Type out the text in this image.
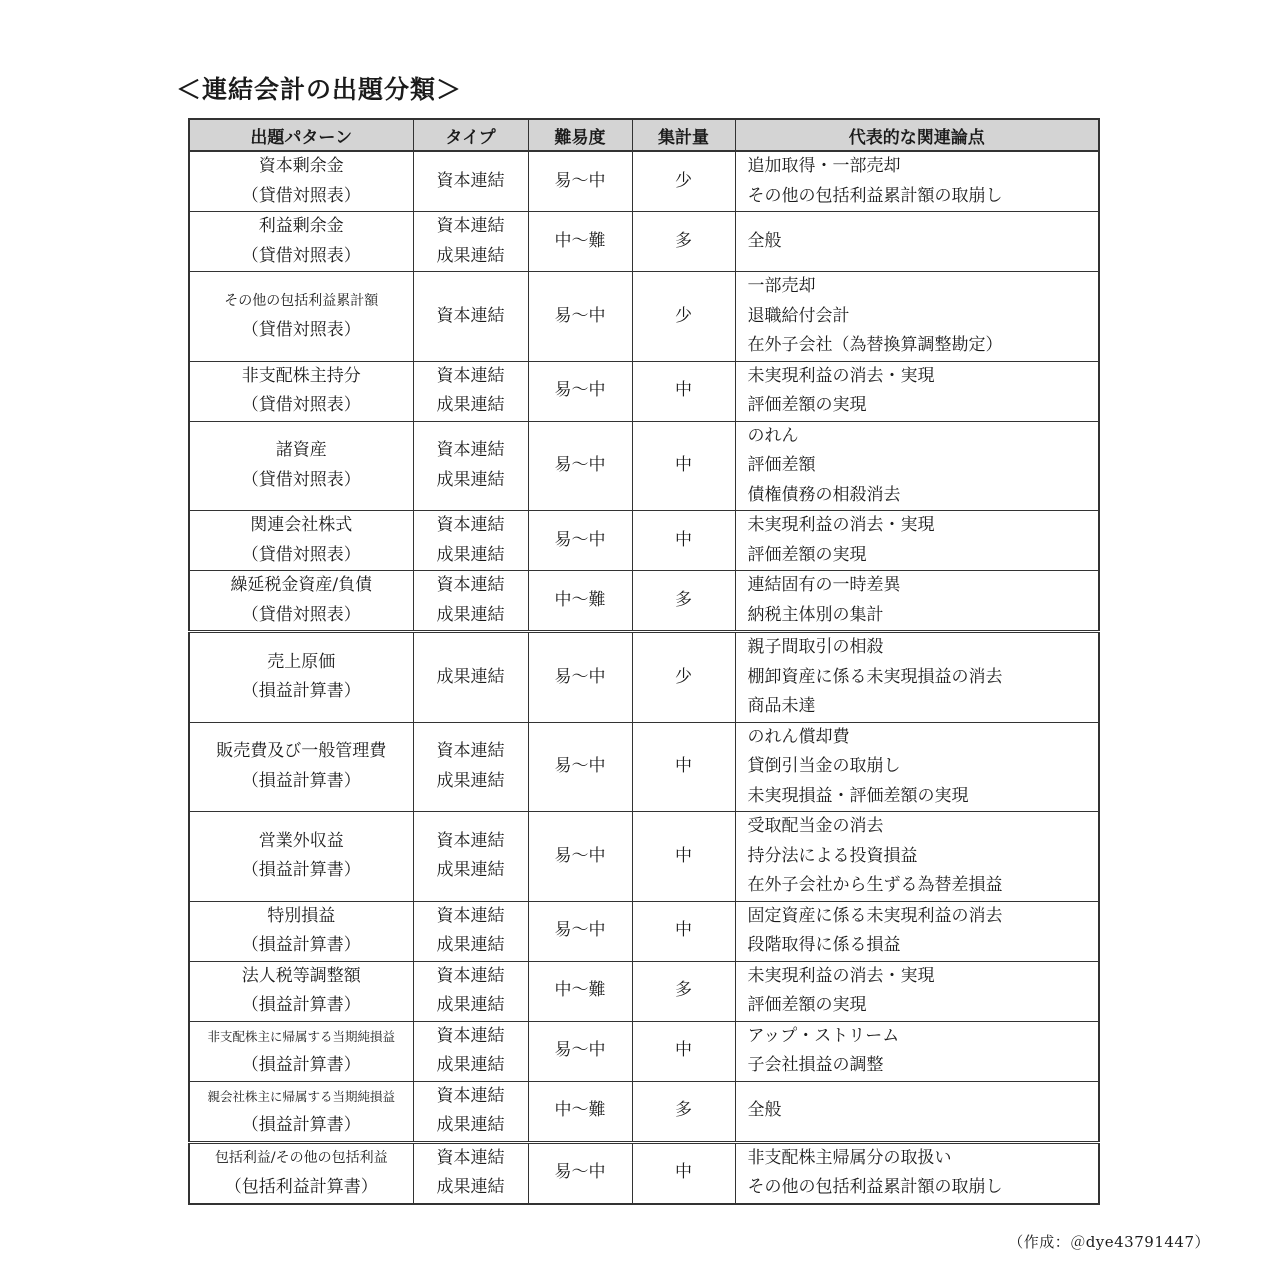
＜連結会計の出題分類＞
出題パターン	タイプ	難易度	集計量	代表的な関連論点

資本剰余金
（貸借対照表）	資本連結	易～中	少	追加取得・一部売却
その他の包括利益累計額の取崩し

利益剰余金
（貸借対照表）	資本連結
成果連結	中～難	多	全般

その他の包括利益累計額
（貸借対照表）	資本連結	易～中	少	一部売却
退職給付会計
在外子会社（為替換算調整勘定）

非支配株主持分
（貸借対照表）	資本連結
成果連結	易～中	中	未実現利益の消去・実現
評価差額の実現

諸資産
（貸借対照表）	資本連結
成果連結	易～中	中	のれん
評価差額
債権債務の相殺消去

関連会社株式
（貸借対照表）	資本連結
成果連結	易～中	中	未実現利益の消去・実現
評価差額の実現

繰延税金資産/負債
（貸借対照表）	資本連結
成果連結	中～難	多	連結固有の一時差異
納税主体別の集計

売上原価
（損益計算書）	成果連結	易～中	少	親子間取引の相殺
棚卸資産に係る未実現損益の消去
商品未達

販売費及び一般管理費
（損益計算書）	資本連結
成果連結	易～中	中	のれん償却費
貸倒引当金の取崩し
未実現損益・評価差額の実現

営業外収益
（損益計算書）	資本連結
成果連結	易～中	中	受取配当金の消去
持分法による投資損益
在外子会社から生ずる為替差損益

特別損益
（損益計算書）	資本連結
成果連結	易～中	中	固定資産に係る未実現利益の消去
段階取得に係る損益

法人税等調整額
（損益計算書）	資本連結
成果連結	中～難	多	未実現利益の消去・実現
評価差額の実現

非支配株主に帰属する当期純損益
（損益計算書）	資本連結
成果連結	易～中	中	アップ・ストリーム
子会社損益の調整

親会社株主に帰属する当期純損益
（損益計算書）	資本連結
成果連結	中～難	多	全般

包括利益/その他の包括利益
（包括利益計算書）	資本連結
成果連結	易～中	中	非支配株主帰属分の取扱い
その他の包括利益累計額の取崩し
（作成：＠dye43791447）
